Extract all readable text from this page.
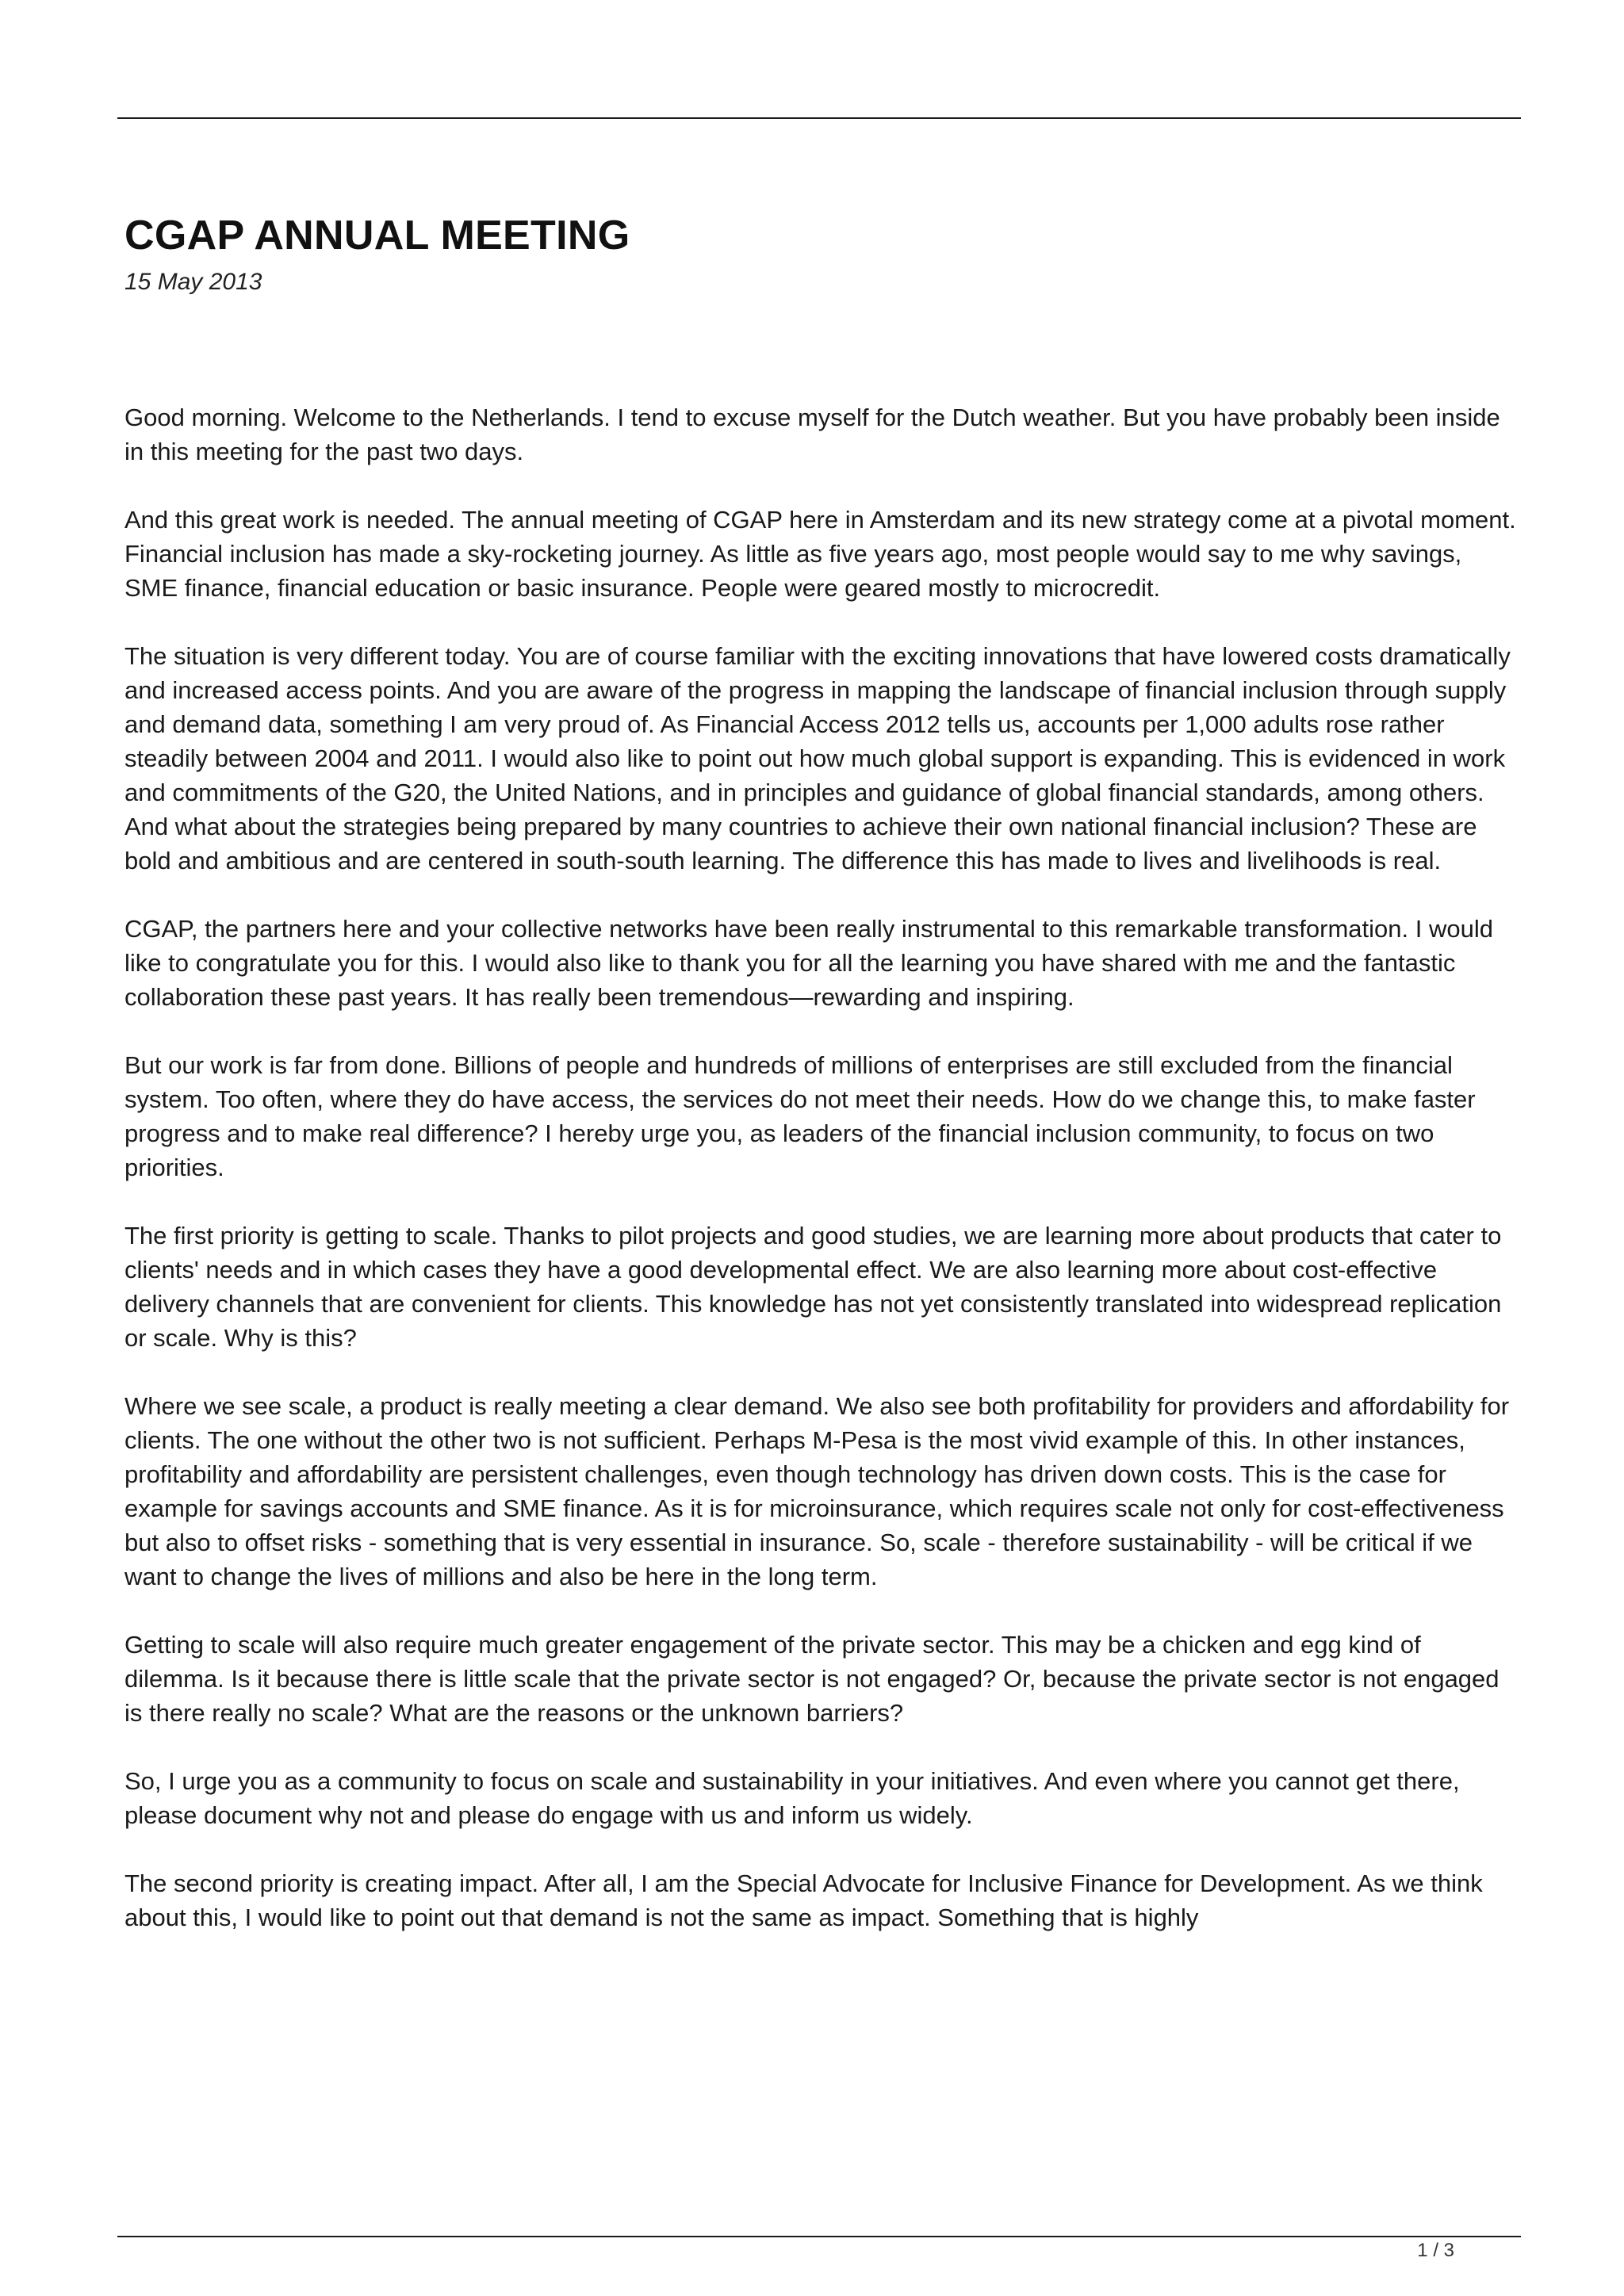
CGAP ANNUAL MEETING
15 May 2013

Good morning. Welcome to the Netherlands. I tend to excuse myself for the Dutch weather. But you have probably been inside in this meeting for the past two days.

And this great work is needed. The annual meeting of CGAP here in Amsterdam and its new strategy come at a pivotal moment. Financial inclusion has made a sky-rocketing journey. As little as five years ago, most people would say to me why savings, SME finance, financial education or basic insurance. People were geared mostly to microcredit.

The situation is very different today. You are of course familiar with the exciting innovations that have lowered costs dramatically and increased access points. And you are aware of the progress in mapping the landscape of financial inclusion through supply and demand data, something I am very proud of. As Financial Access 2012 tells us, accounts per 1,000 adults rose rather steadily between 2004 and 2011. I would also like to point out how much global support is expanding. This is evidenced in work and commitments of the G20, the United Nations, and in principles and guidance of global financial standards, among others. And what about the strategies being prepared by many countries to achieve their own national financial inclusion? These are bold and ambitious and are centered in south-south learning. The difference this has made to lives and livelihoods is real.

CGAP, the partners here and your collective networks have been really instrumental to this remarkable transformation. I would like to congratulate you for this. I would also like to thank you for all the learning you have shared with me and the fantastic collaboration these past years. It has really been tremendous—rewarding and inspiring.

But our work is far from done. Billions of people and hundreds of millions of enterprises are still excluded from the financial system. Too often, where they do have access, the services do not meet their needs. How do we change this, to make faster progress and to make real difference? I hereby urge you, as leaders of the financial inclusion community, to focus on two priorities.

The first priority is getting to scale. Thanks to pilot projects and good studies, we are learning more about products that cater to clients' needs and in which cases they have a good developmental effect. We are also learning more about cost-effective delivery channels that are convenient for clients. This knowledge has not yet consistently translated into widespread replication or scale. Why is this?

Where we see scale, a product is really meeting a clear demand. We also see both profitability for providers and affordability for clients. The one without the other two is not sufficient. Perhaps M-Pesa is the most vivid example of this. In other instances, profitability and affordability are persistent challenges, even though technology has driven down costs. This is the case for example for savings accounts and SME finance. As it is for microinsurance, which requires scale not only for cost-effectiveness but also to offset risks - something that is very essential in insurance. So, scale - therefore sustainability - will be critical if we want to change the lives of millions and also be here in the long term.

Getting to scale will also require much greater engagement of the private sector. This may be a chicken and egg kind of dilemma. Is it because there is little scale that the private sector is not engaged? Or, because the private sector is not engaged is there really no scale? What are the reasons or the unknown barriers?

So, I urge you as a community to focus on scale and sustainability in your initiatives. And even where you cannot get there, please document why not and please do engage with us and inform us widely.

The second priority is creating impact. After all, I am the Special Advocate for Inclusive Finance for Development. As we think about this, I would like to point out that demand is not the same as impact. Something that is highly

1 / 3
